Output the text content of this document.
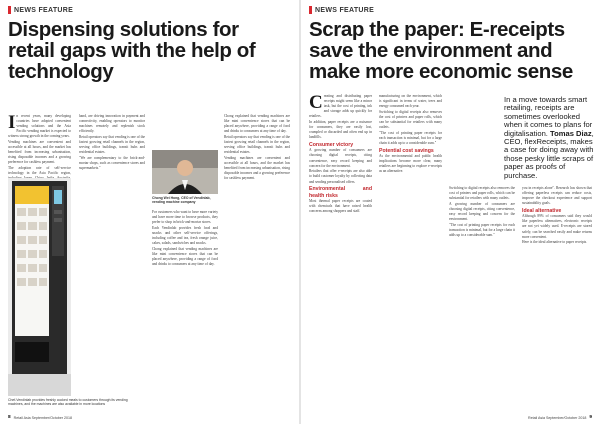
NEWS FEATURE
Dispensing solutions for retail gaps with the help of technology

In recent years, many developing countries have adopted convenient vending solutions and the Asia Pacific vending market is expected to witness strong growth in the coming years.

Vending machines are convenient and accessible at all hours, and the market has benefited from increasing urbanisation, rising disposable incomes and a growing preference for cashless payment.

The adoption rate of self-service technology in the Asia Pacific region,

Chef-Vendinlab provides freshly cooked meals to customers through its vending machines, and the machines are also available in more locations

hand, are driving innovation in payment and connectivity, enabling operators to monitor machines remotely and replenish stock efficiently.

Retail operators say that vending is one of the fastest growing retail channels in the region, serving office buildings, transit hubs and residential estates.

"We are complementary to the brick-and-mortar shops, such as convenience stores and supermarkets."

Chong Wei Hong, CEO of Vendinlab, vending machine company

For customers who want to have more variety and have more time to browse products, they prefer to shop in brick-and-mortar stores.

Each Vendinlab provides fresh food and snacks and other self-service offerings, including coffee and tea, fresh orange juice, cakes, salads, sandwiches and snacks.

Chong explained that vending machines are like mini convenience stores that can be placed anywhere, providing a range of food and drinks to consumers at any time of day.

Chong explained that vending machines are like mini convenience stores that can be placed anywhere, providing a range of food and drinks to consumers at any time of day.

Retail operators say that vending is one of the fastest growing retail channels in the region, serving office buildings, transit hubs and residential estates.

Vending machines are convenient and accessible at all hours, and the market has benefited from increasing urbanisation, rising disposable incomes and a growing preference for cashless payment.

8 Retail Asia September/October 2018
NEWS FEATURE
Scrap the paper: E-receipts save the environment and make more economic sense

Creating and distributing paper receipts might seem like a minor task, but the cost of printing, ink and storage adds up quickly for retailers.

In addition, paper receipts are a nuisance for consumers, they are easily lost, crumpled or discarded and often end up in landfills.

Consumer victory

A growing number of consumers are choosing digital receipts, citing convenience, easy record keeping and concern for the environment.

Retailers that offer e-receipts are also able to build customer loyalty by collecting data and sending personalised offers.

Environmental and health risks

Most thermal paper receipts are coated with chemicals that have raised health concerns among shoppers and staff.

manufacturing on the environment, which is significant in terms of water, trees and energy consumed each year.

Switching to digital receipts also removes the cost of printers and paper rolls, which can be substantial for retailers with many outlets.

"The cost of printing paper receipts for each transaction is minimal, but for a large chain it adds up to a considerable sum."

Potential cost savings

As the environmental and public health implications become more clear, many retailers are beginning to explore e-receipts as an alternative.

In a move towards smart retailing, receipts are sometimes overlooked when it comes to plans for digitalisation. Tomas Diaz, CEO, flexReceipts, makes a case for doing away with those pesky little scraps of paper as proofs of purchase.

Switching to digital receipts also removes the cost of printers and paper rolls, which can be substantial for retailers with many outlets.

A growing number of consumers are choosing digital receipts, citing convenience, easy record keeping and concern for the environment.

"The cost of printing paper receipts for each transaction is minimal, but for a large chain it adds up to a considerable sum."

you in receipts alone". Research has shown that offering paperless receipts can reduce costs, improve the checkout experience and support sustainability goals.

Ideal alternative

Although 89% of consumers said they would like paperless alternatives, electronic receipts are not yet widely used. E-receipts are stored safely, can be searched easily and make returns more convenient.

Here is the ideal alternative to paper receipts.

Retail Asia September/October 2018 9
